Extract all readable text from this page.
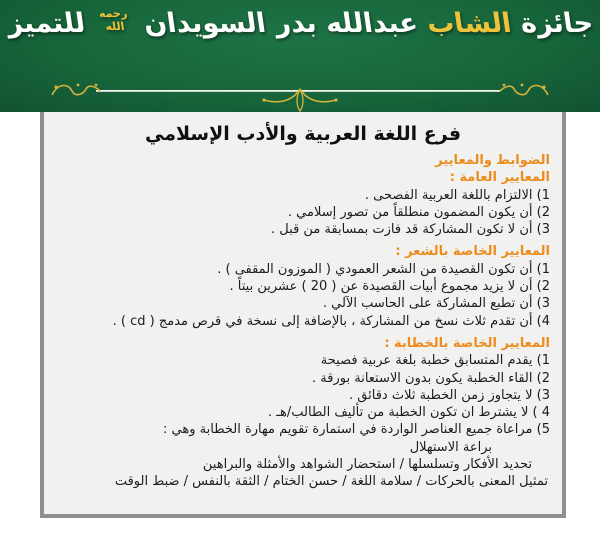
جائزة الشاب عبدالله بدر السويدان رحمه الله للتميز
فرع اللغة العربية والأدب الإسلامي
الضوابط والمعايير
المعايير العامة :
1) الالتزام باللغة العربية الفصحى .
2) أن يكون المضمون منطلقاً من تصور إسلامي .
3) أن لا تكون المشاركة قد فازت بمسابقة من قبل .
المعايير الخاصة بالشعر :
1) أن تكون القصيدة من الشعر العمودي ( الموزون المقفى ) .
2) أن لا يزيد مجموع أبيات القصيدة عن ( 20 ) عشرين بيتاً .
3) أن تطبع المشاركة على الحاسب الآلي .
4) أن تقدم ثلاث نسخ من المشاركة ، بالإضافة إلى نسخة في قرص مدمج ( cd ) .
المعايير الخاصة بالخطابة :
1) يقدم المتسابق خطبة بلغة عربية فصيحة
2) القاء الخطبة يكون بدون الاستعانة بورقة .
3) لا يتجاوز زمن الخطبة ثلاث دقائق .
4 ) لا يشترط ان تكون الخطبة من تأليف الطالب/هـ .
5) مراعاة جميع العناصر الواردة في استمارة تقويم مهارة الخطابة وهي :
براعة الاستهلال
تحديد الأفكار وتسلسلها / استحضار الشواهد والأمثلة والبراهين
تمثيل المعنى بالحركات / سلامة اللغة / حسن الختام / الثقة بالنفس / ضبط الوقت
